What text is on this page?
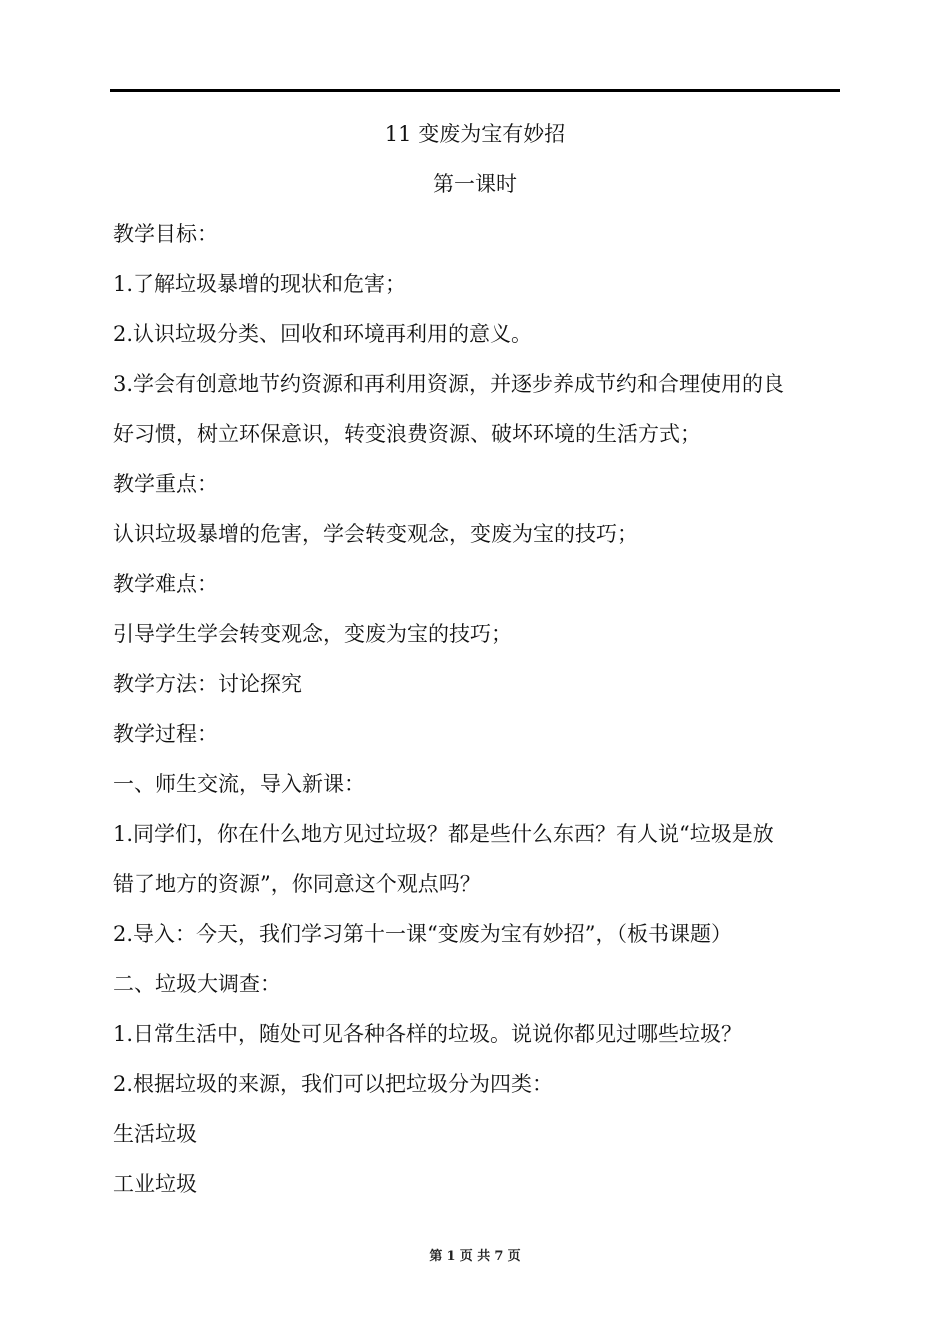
11 变废为宝有妙招
第一课时
教学目标：
1.了解垃圾暴增的现状和危害；
2.认识垃圾分类、回收和环境再利用的意义。
3.学会有创意地节约资源和再利用资源，并逐步养成节约和合理使用的良
好习惯，树立环保意识，转变浪费资源、破坏环境的生活方式；
教学重点：
认识垃圾暴增的危害，学会转变观念，变废为宝的技巧；
教学难点：
引导学生学会转变观念，变废为宝的技巧；
教学方法：讨论探究
教学过程：
一、师生交流，导入新课：
1.同学们，你在什么地方见过垃圾？都是些什么东西？有人说“垃圾是放
错了地方的资源”，你同意这个观点吗？
2.导入：今天，我们学习第十一课“变废为宝有妙招”，（板书课题）
二、垃圾大调查：
1.日常生活中，随处可见各种各样的垃圾。说说你都见过哪些垃圾？
2.根据垃圾的来源，我们可以把垃圾分为四类：
生活垃圾
工业垃圾
第 1 页 共 7 页
